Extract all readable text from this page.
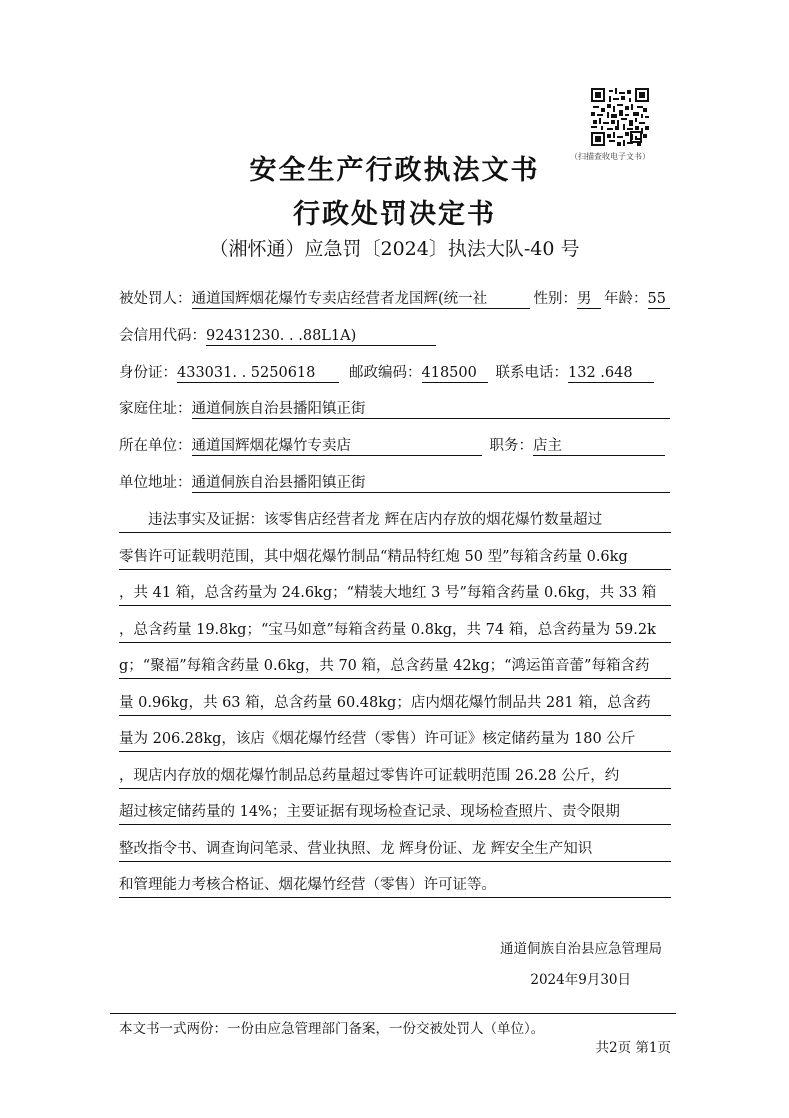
（扫描查收电子文书）
安全生产行政执法文书
行政处罚决定书
（湘怀通）应急罚〔2024〕执法大队-40 号
被处罚人：通道国辉烟花爆竹专卖店经营者龙国辉(统一社	性别：男 年龄：55
会信用代码：92431230. . .88L1A)
身份证：433031. . 5250618 邮政编码：418500 联系电话：132 .648
家庭住址：通道侗族自治县播阳镇正街
所在单位：通道国辉烟花爆竹专卖店	职务：店主
单位地址：通道侗族自治县播阳镇正街
违法事实及证据：该零售店经营者龙 辉在店内存放的烟花爆竹数量超过
零售许可证载明范围，其中烟花爆竹制品“精品特红炮 50 型”每箱含药量 0.6kg
，共 41 箱，总含药量为 24.6kg；“精装大地红 3 号”每箱含药量 0.6kg，共 33 箱
，总含药量 19.8kg；“宝马如意”每箱含药量 0.8kg，共 74 箱，总含药量为 59.2k
g；“聚福”每箱含药量 0.6kg，共 70 箱，总含药量 42kg；“鸿运笛音蕾”每箱含药
量 0.96kg，共 63 箱，总含药量 60.48kg；店内烟花爆竹制品共 281 箱，总含药
量为 206.28kg，该店《烟花爆竹经营（零售）许可证》核定储药量为 180 公斤
，现店内存放的烟花爆竹制品总药量超过零售许可证载明范围 26.28 公斤，约
超过核定储药量的 14%；主要证据有现场检查记录、现场检查照片、责令限期
整改指令书、调查询问笔录、营业执照、龙 辉身份证、龙 辉安全生产知识
和管理能力考核合格证、烟花爆竹经营（零售）许可证等。
通道侗族自治县应急管理局
2024年9月30日
本文书一式两份：一份由应急管理部门备案，一份交被处罚人（单位）。
共2页 第1页
